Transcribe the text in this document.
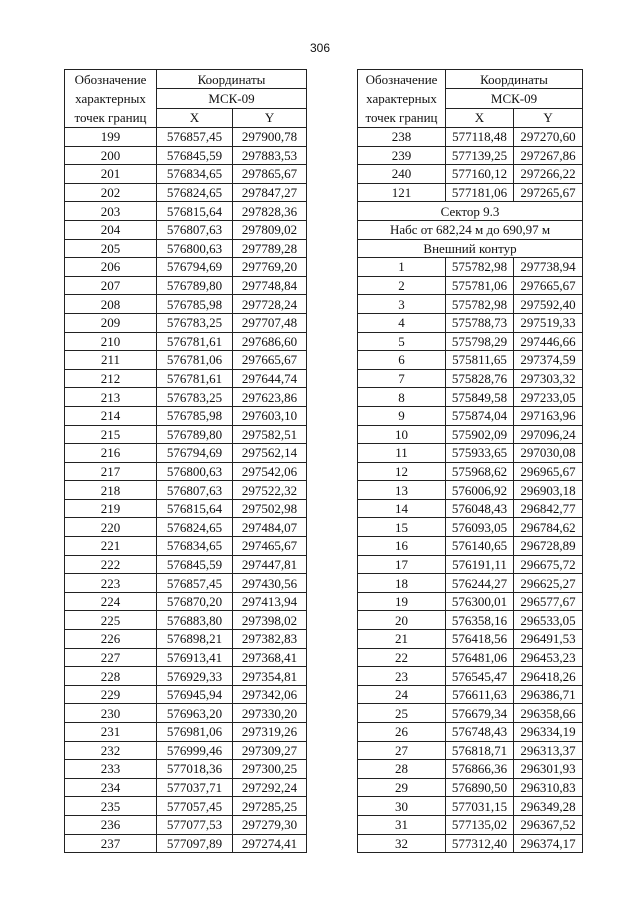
306
Обозначение
характерных
точек границ	Координаты	
	МСК-09	
	X	Y
199	576857,45	297900,78
200	576845,59	297883,53
201	576834,65	297865,67
202	576824,65	297847,27
203	576815,64	297828,36
204	576807,63	297809,02
205	576800,63	297789,28
206	576794,69	297769,20
207	576789,80	297748,84
208	576785,98	297728,24
209	576783,25	297707,48
210	576781,61	297686,60
211	576781,06	297665,67
212	576781,61	297644,74
213	576783,25	297623,86
214	576785,98	297603,10
215	576789,80	297582,51
216	576794,69	297562,14
217	576800,63	297542,06
218	576807,63	297522,32
219	576815,64	297502,98
220	576824,65	297484,07
221	576834,65	297465,67
222	576845,59	297447,81
223	576857,45	297430,56
224	576870,20	297413,94
225	576883,80	297398,02
226	576898,21	297382,83
227	576913,41	297368,41
228	576929,33	297354,81
229	576945,94	297342,06
230	576963,20	297330,20
231	576981,06	297319,26
232	576999,46	297309,27
233	577018,36	297300,25
234	577037,71	297292,24
235	577057,45	297285,25
236	577077,53	297279,30
237	577097,89	297274,41
Обозначение
характерных
точек границ	Координаты	
	МСК-09	
	X	Y
238	577118,48	297270,60
239	577139,25	297267,86
240	577160,12	297266,22
121	577181,06	297265,67
Сектор 9.3		
Набс от 682,24 м до 690,97 м		
Внешний контур		
1	575782,98	297738,94
2	575781,06	297665,67
3	575782,98	297592,40
4	575788,73	297519,33
5	575798,29	297446,66
6	575811,65	297374,59
7	575828,76	297303,32
8	575849,58	297233,05
9	575874,04	297163,96
10	575902,09	297096,24
11	575933,65	297030,08
12	575968,62	296965,67
13	576006,92	296903,18
14	576048,43	296842,77
15	576093,05	296784,62
16	576140,65	296728,89
17	576191,11	296675,72
18	576244,27	296625,27
19	576300,01	296577,67
20	576358,16	296533,05
21	576418,56	296491,53
22	576481,06	296453,23
23	576545,47	296418,26
24	576611,63	296386,71
25	576679,34	296358,66
26	576748,43	296334,19
27	576818,71	296313,37
28	576866,36	296301,93
29	576890,50	296310,83
30	577031,15	296349,28
31	577135,02	296367,52
32	577312,40	296374,17
